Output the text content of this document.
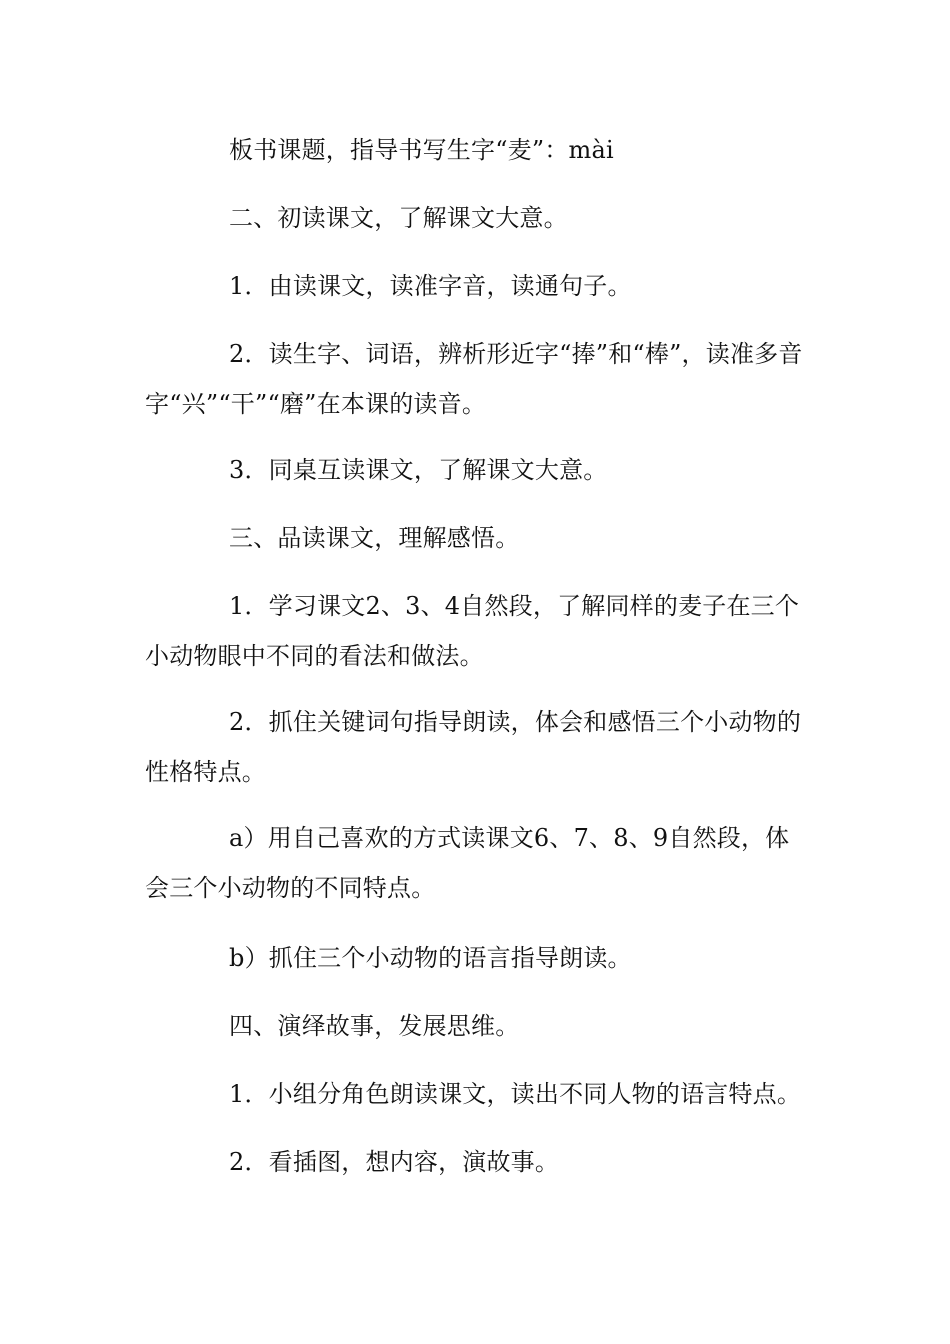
板书课题，指导书写生字“麦”：mài

二、初读课文，了解课文大意。

1．由读课文，读准字音，读通句子。

2．读生字、词语，辨析形近字“捧”和“棒”，读准多音字“兴”“干”“磨”在本课的读音。

3．同桌互读课文，了解课文大意。

三、品读课文，理解感悟。

1．学习课文2、3、4自然段，了解同样的麦子在三个小动物眼中不同的看法和做法。

2．抓住关键词句指导朗读，体会和感悟三个小动物的性格特点。

a）用自己喜欢的方式读课文6、7、8、9自然段，体会三个小动物的不同特点。

b）抓住三个小动物的语言指导朗读。

四、演绎故事，发展思维。

1．小组分角色朗读课文，读出不同人物的语言特点。

2．看插图，想内容，演故事。
